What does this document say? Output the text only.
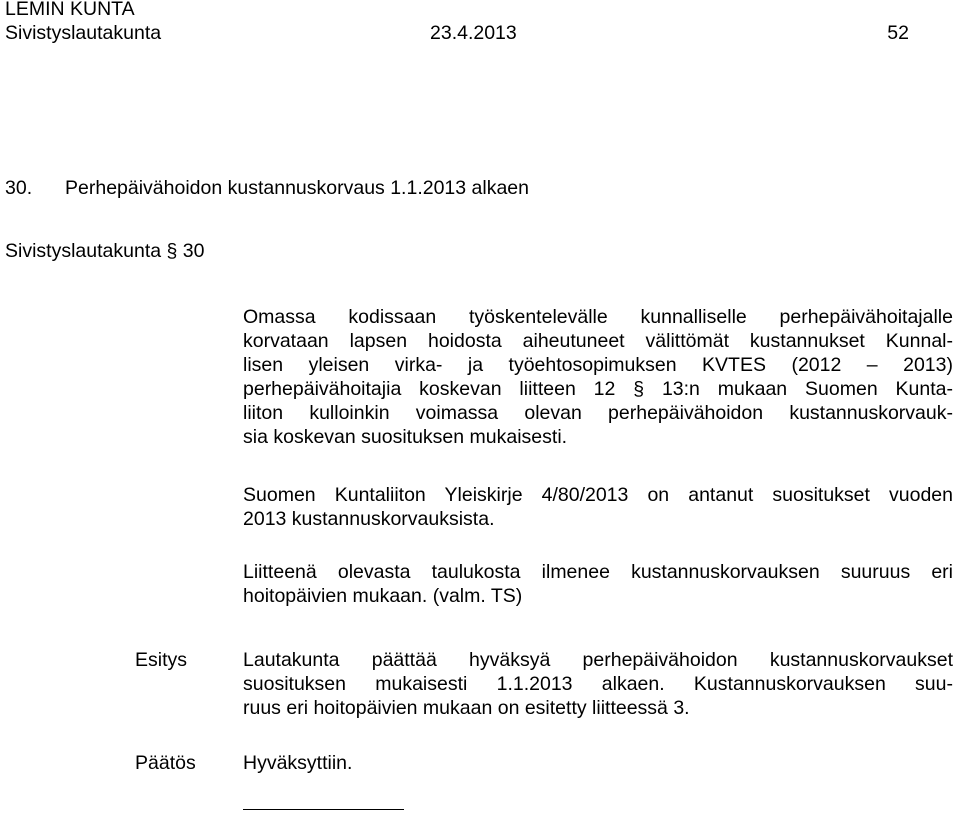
LEMIN KUNTA
Sivistyslautakunta	23.4.2013	52
30. Perhepäivähoidon kustannuskorvaus 1.1.2013 alkaen
Sivistyslautakunta § 30
Omassa kodissaan työskentelevälle kunnalliselle perhepäivähoitajalle
korvataan lapsen hoidosta aiheutuneet välittömät kustannukset Kunnal-
lisen yleisen virka- ja työehtosopimuksen KVTES (2012 – 2013)
perhepäivähoitajia koskevan liitteen 12 § 13:n mukaan Suomen Kunta-
liiton kulloinkin voimassa olevan perhepäivähoidon kustannuskorvauk-
sia koskevan suosituksen mukaisesti.
Suomen Kuntaliiton Yleiskirje 4/80/2013 on antanut suositukset vuoden
2013 kustannuskorvauksista.
Liitteenä olevasta taulukosta ilmenee kustannuskorvauksen suuruus eri
hoitopäivien mukaan. (valm. TS)
Esitys	Lautakunta päättää hyväksyä perhepäivähoidon kustannuskorvaukset
suosituksen mukaisesti 1.1.2013 alkaen. Kustannuskorvauksen suu-
ruus eri hoitopäivien mukaan on esitetty liitteessä 3.
Päätös Hyväksyttiin.
